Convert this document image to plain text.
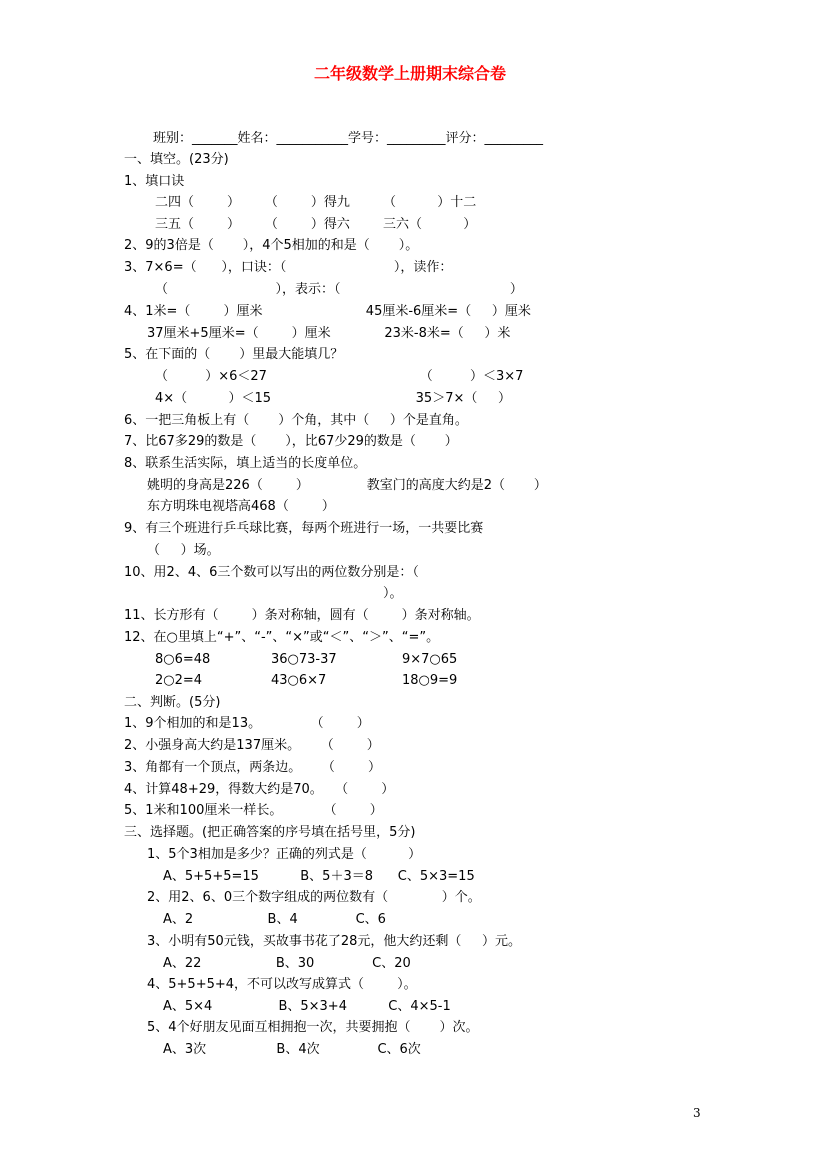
二年级数学上册期末综合卷
班别：_______姓名：___________学号：_________评分：_________
一、填空。(23分)
1、填口诀
二四（        ）      （        ）得九        （          ）十二
三五（        ）      （        ）得六        三六（          ）
2、9的3倍是（       ），4个5相加的和是（       ）。
3、7×6=（      ），口诀：（                          ），读作：
（                          ），表示：（                                         ）
4、1米=（        ）厘米                         45厘米-6厘米=（     ）厘米
37厘米+5厘米=（        ）厘米             23米-8米=（     ）米
5、在下面的（       ）里最大能填几？
（         ）×6＜27                                     （         ）＜3×7
4×（          ）＜15                                   35＞7×（     ）
6、一把三角板上有（       ）个角，其中（     ）个是直角。
7、比67多29的数是（       ），比67少29的数是（       ）
8、联系生活实际，填上适当的长度单位。
姚明的身高是226（        ）              教室门的高度大约是2（       ）
东方明珠电视塔高468（        ）
9、有三个班进行乒乓球比赛，每两个班进行一场，一共要比赛
（     ）场。
10、用2、4、6三个数可以写出的两位数分别是：（
）。
11、长方形有（        ）条对称轴，圆有（        ）条对称轴。
12、在○里填上“+”、“-”、“×”或“＜”、“＞”、“=”。
8○6=48	36○73-37	9×7○65
2○2=4	43○6×7	18○9=9
二、判断。(5分)
1、9个相加的和是13。            （        ）
2、小强身高大约是137厘米。     （        ）
3、角都有一个顶点，两条边。     （        ）
4、计算48+29，得数大约是70。   （        ）
5、1米和100厘米一样长。          （        ）
三、选择题。(把正确答案的序号填在括号里，5分)
1、5个3相加是多少？正确的列式是（          ）
A、5+5+5=15          B、5＋3＝8      C、5×3=15
2、用2、6、0三个数字组成的两位数有（             ）个。
A、2                  B、4              C、6
3、小明有50元钱，买故事书花了28元，他大约还剩（     ）元。
A、22                  B、30              C、20
4、5+5+5+4，不可以改写成算式（        ）。
A、5×4                B、5×3+4          C、4×5-1
5、4个好朋友见面互相拥抱一次，共要拥抱（       ）次。
A、3次                 B、4次              C、6次
3
